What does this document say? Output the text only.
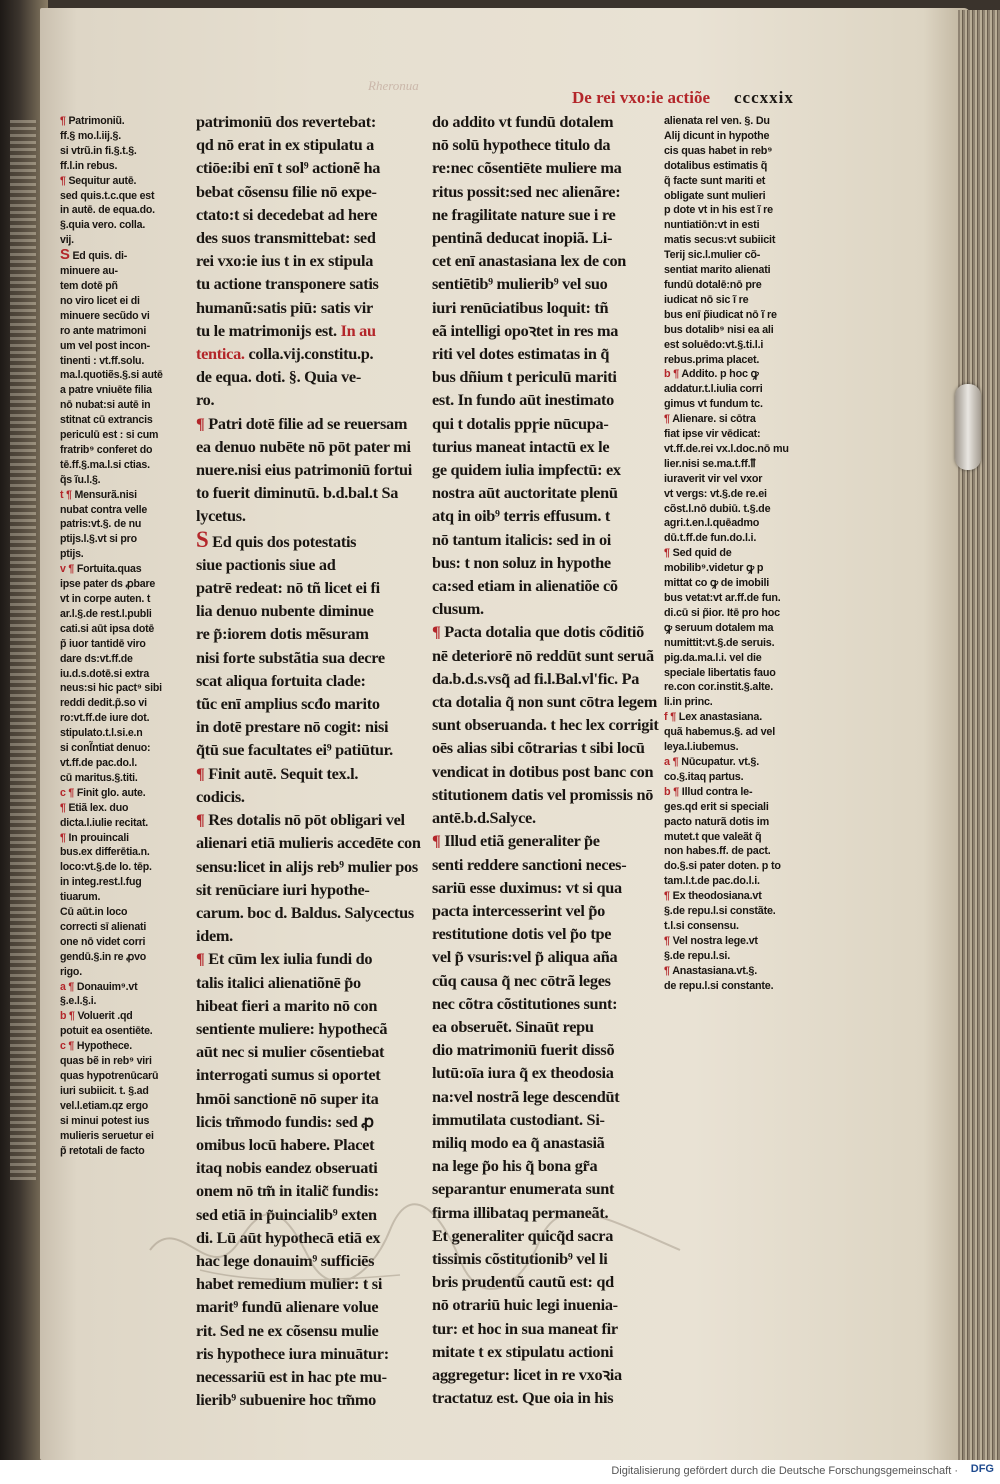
Rheronua
De rei vxo:ie actiõe cccxxix
¶ Patrimoniũ.
ff.§ mo.l.iij.§.
si vtrũ.in fi.§.t.§.
ff.l.in rebus.
¶ Sequitur autē.
sed quis.t.c.que est
in autē. de equa.do.
§.quia vero. colla.
vij.
S Ed quis. di-
minuere au-
tem dotē pñ
no viro licet ei di
minuere secũdo vi
ro ante matrimoni
um vel post incon-
tinenti : vt.ff.solu.
ma.l.quotiẽs.§.si autē
a patre vniuēte filia
nō nubat:si autē in
stitnat cū extrancis
periculū est : si cum
fratrib⁹ conferet do
tē.ff.§.ma.l.si ctias.
q̃s ĩu.l.§.
t ¶ Mensurã.nisi
nubat contra velle
patris:vt.§. de nu
ptijs.l.§.vt si pro
ptijs.
v ¶ Fortuita.quas
ipse pater ds ꝓbare
vt in corpe auten. t
ar.l.§.de rest.l.publi
cati.si aūt ipsa dotē
p̃ iuor tantidē viro
dare ds:vt.ff.de
iu.d.s.dotē.si extra
neus:si hic pact⁹ sibi
reddi dedit.p̃.so vi
ro:vt.ff.de iure dot.
stipulato.t.l.si.e.n
si conſ̃ntiat denuo:
vt.ff.de pac.do.l.
cū maritus.§.titi.
c ¶ Finit glo. aute.
¶ Etiã lex. duo
dicta.l.iulie recitat.
¶ In prouincali
bus.ex differētia.n.
loco:vt.§.de lo. tēp.
in integ.rest.l.fug
tiuarum.
Cū aūt.in loco
correcti sī alienati
one nō videt corri
gendū.§.in re ꝓvo
rigo.
a ¶ Donauim⁹.vt
§.e.l.§.i.
b ¶ Voluerit .qd
potuit ea osentiēte.
c ¶ Hypothece.
quas bẽ in reb⁹ viri
quas hypotrenūcarū
iuri subiicit. t. §.ad
vel.l.etiam.qz ergo
si minui potest ius
mulieris seruetur ei
p̃ retotali de facto
patrimoniū dos revertebat:
qd nō erat in ex stipulatu a
ctiōe:ibi enī t sol⁹ actionẽ ha
bebat cõsensu filie nō expe-
ctato:t si decedebat ad here
des suos transmittebat: sed
rei vxo:ie ius t in ex stipula
tu actione transponere satis
humanũ:satis piū: satis vir
tu le matrimonijs est. In au
tentica. colla.vij.constitu.p.
de equa. doti. §. Quia ve-
ro.
¶ Patri dotē filie ad se reuersam
ea denuo nubēte nō pōt pater mi
nuere.nisi eius patrimoniū fortui
to fuerit diminutū. b.d.bal.t Sa
lycetus.
S Ed quis dos potestatis
siue pactionis siue ad
patrē redeat: nō tñ licet ei fi
lia denuo nubente diminue
re p̃:iorem dotis mẽsuram
nisi forte substãtia sua decre
scat aliqua fortuita clade:
tũc enī amplius scđo marito
in dotē prestare nō cogit: nisi
q̃tū sue facultates ei⁹ patiūtur.
¶ Finit autē. Sequit tex.l.
codicis.
¶ Res dotalis nō pōt obligari vel
alienari etiā mulieris accedēte con
sensu:licet in alijs reb⁹ mulier pos
sit renūciare iuri hypothe-
carum. boc d. Baldus. Salycectus
idem.
¶ Et cūm lex iulia fundi do
talis italici alienatiõnē p̃o
hibeat fieri a marito nō con
sentiente muliere: hypothecã
aūt nec si mulier cõsentiebat
interrogati sumus si oportet
hmōi sanctionē nō super ita
licis tm̃modo fundis: sed ꝓ
omibus locū habere. Placet
itaq nobis eandez obseruati
onem nō tm̃ in italic̃ fundis:
sed etiā in p̃uincialib⁹ exten
di. Lū aūt hypothecā etiā ex
hac lege donauim⁹ sufficiēs
habet remedium mulier: t si
marit⁹ fundū alienare volue
rit. Sed ne ex cõsensu mulie
ris hypothece iura minuātur:
necessariū est in hac pte mu-
lierib⁹ subuenire hoc tm̃mo
do addito vt fundū dotalem
nō solū hypothece titulo da
re:nec cõsentiēte muliere ma
ritus possit:sed nec alienãre:
ne fragilitate nature sue i re
pentinã deducat inopiã. Li-
cet enī anastasiana lex de con
sentiētib⁹ mulierib⁹ vel suo
iuri renūciatibus loquit: tñ
eã intelligi opoꝛtet in res ma
riti vel dotes estimatas in q̃
bus dñium t periculū mariti
est. In fundo aūt inestimato
qui t dotalis ppɼie nūcupa-
turius maneat intactū ex le
ge quidem iulia impfectū: ex
nostra aūt auctoritate plenū
atq in oib⁹ terris effusum. t
nō tantum italicis: sed in oi
bus: t non soluz in hypothe
ca:sed etiam in alienatiõe cõ
clusum.
¶ Pacta dotalia que dotis cõditiõ
nē deteriorē nō reddūt sunt seruã
da.b.d.s.vsq̃ ad fi.l.Bal.vl'fic. Pa
cta dotalia q̃ non sunt cōtra legem
sunt obseruanda. t hec lex corrigit
oēs alias sibi cõtrarias t sibi locū
vendicat in dotibus post banc con
stitutionem datis vel promissis nō
antē.b.d.Salyce.
¶ Illud etiã generaliter p̃e
senti reddere sanctioni neces-
sariū esse duximus: vt si qua
pacta intercesserint vel p̃o
restitutione dotis vel p̃o tpe
vel p̃ vsuris:vel p̃ aliqua aña
cũq causa q̃ nec cōtrã leges
nec cõtra cõstitutiones sunt:
ea obseruẽt. Sinaūt repu
dio matrimoniū fuerit dissõ
lutū:oīa iura q̃ ex theodosia
na:vel nostrã lege descendūt
immutilata custodiant. Si-
miliq modo ea q̃ anastasiã
na lege p̃o his q̃ bona gr̃a
separantur enumerata sunt
firma illibataq permaneãt.
Et generaliter quicq̃d sacra
tissimis cõstitutionib⁹ vel li
bris prudentũ cautũ est: qd
nō otrariū huic legi inuenia-
tur: et hoc in sua maneat fir
mitate t ex stipulatu actioni
aggregetur: licet in re vxoꝛia
tractatuz est. Que oia in his
alienata rel ven. §. Du
Alij dicunt in hypothe
cis quas habet in reb⁹
dotalibus estimatis q̃
q̃ facte sunt mariti et
obligate sunt mulieri
p dote vt in his est ĩ re
nuntiatiōn:vt in esti
matis secus:vt subiicit
Terij sic.l.mulier cõ-
sentiat marito alienati
fundū dotalē:nō pre
iudicat nō sic ĩ re
bus enī p̃iudicat nō ĩ re
bus dotalib⁹ nisi ea ali
est soluēdo:vt.§.ti.l.i
rebus.prima placet.
b ¶ Addito. p hoc ꝙ
addatur.t.l.iulia corri
gimus vt fundum tc.
¶ Alienare. si cōtra
fiat ipse vir vēdicat:
vt.ff.de.rei vx.l.doc.nō mu
lier.nisi se.ma.t.ff.ỻ
iuraverit vir vel vxor
vt vergs: vt.§.de re.ei
cõst.l.nō dubiū. t.§.de
agri.t.en.l.quēadmo
dū.t.ff.de fun.do.l.i.
¶ Sed quid de
mobilib⁹.videtur ꝙ p
mittat co ꝙ de imobili
bus vetat:vt ar.ff.de fun.
di.cū si p̃ior. Itē pro hoc
ꝙ seruum dotalem ma
numittit:vt.§.de seruis.
pig.da.ma.l.i. vel die
speciale libertatis fauo
re.con cor.instit.§.alte.
li.in princ.
f ¶ Lex anastasiana.
quã habemus.§. ad vel
leya.l.iubemus.
a ¶ Nūcupatur. vt.§.
co.§.itaq partus.
b ¶ Illud contra le-
ges.qd erit si speciali
pacto naturã dotis im
mutet.t que valeãt q̃
non habes.ff. de pact.
do.§.si pater doten. p to
tam.l.t.de pac.do.l.i.
¶ Ex theodosiana.vt
§.de repu.l.si constãte.
t.l.si consensu.
¶ Vel nostra lege.vt
§.de repu.l.si.
¶ Anastasiana.vt.§.
de repu.l.si constante.
Digitalisierung gefördert durch die Deutsche Forschungsgemeinschaft · DFG
